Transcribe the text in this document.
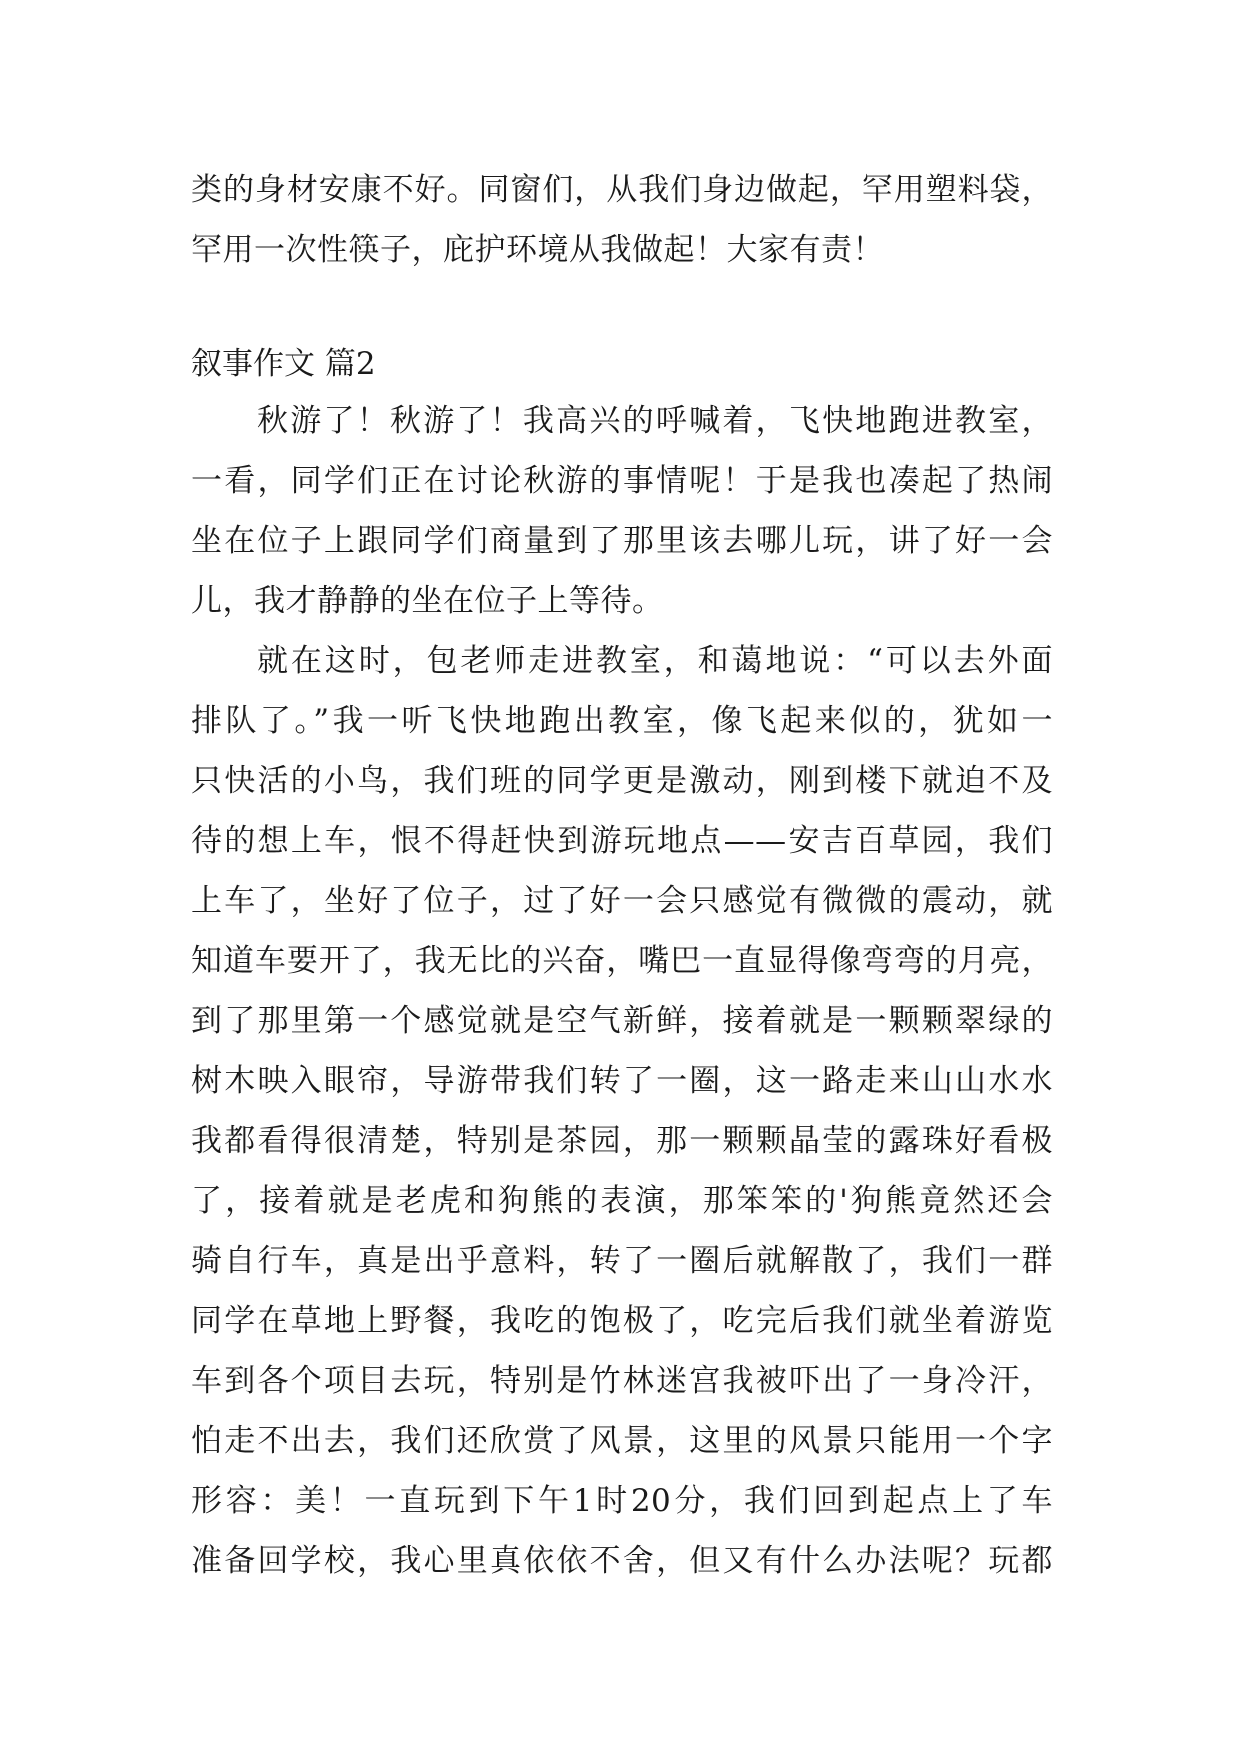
类的身材安康不好。同窗们，从我们身边做起，罕用塑料袋，
罕用一次性筷子，庇护环境从我做起！大家有责！
叙事作文 篇2
秋游了！秋游了！我高兴的呼喊着，飞快地跑进教室，
一看，同学们正在讨论秋游的事情呢！于是我也凑起了热闹
坐在位子上跟同学们商量到了那里该去哪儿玩，讲了好一会
儿，我才静静的坐在位子上等待。
就在这时，包老师走进教室，和蔼地说：“可以去外面
排队了。”我一听飞快地跑出教室，像飞起来似的，犹如一
只快活的小鸟，我们班的同学更是激动，刚到楼下就迫不及
待的想上车，恨不得赶快到游玩地点——安吉百草园，我们
上车了，坐好了位子，过了好一会只感觉有微微的震动，就
知道车要开了，我无比的兴奋，嘴巴一直显得像弯弯的月亮，
到了那里第一个感觉就是空气新鲜，接着就是一颗颗翠绿的
树木映入眼帘，导游带我们转了一圈，这一路走来山山水水
我都看得很清楚，特别是茶园，那一颗颗晶莹的露珠好看极
了，接着就是老虎和狗熊的表演，那笨笨的'狗熊竟然还会
骑自行车，真是出乎意料，转了一圈后就解散了，我们一群
同学在草地上野餐，我吃的饱极了，吃完后我们就坐着游览
车到各个项目去玩，特别是竹林迷宫我被吓出了一身冷汗，
怕走不出去，我们还欣赏了风景，这里的风景只能用一个字
形容：美！一直玩到下午1时20分，我们回到起点上了车
准备回学校，我心里真依依不舍，但又有什么办法呢？玩都
